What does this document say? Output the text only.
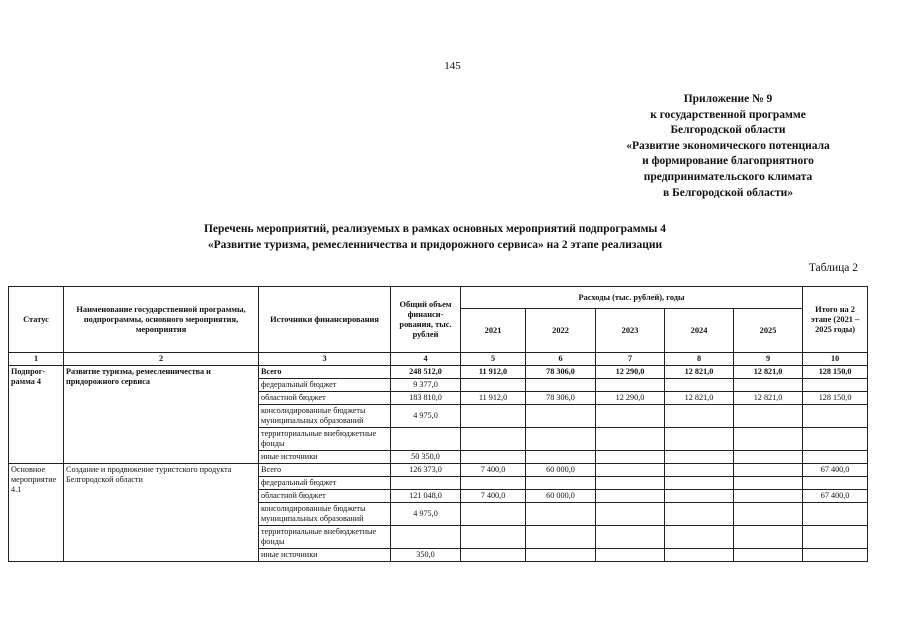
145
Приложение № 9
к государственной программе
Белгородской области
«Развитие экономического потенциала
и формирование благоприятного
предпринимательского климата
в Белгородской области»
Перечень мероприятий, реализуемых в рамках основных мероприятий подпрограммы 4
«Развитие туризма, ремесленничества и придорожного сервиса» на 2 этапе реализации
Таблица 2
Статус	Наименование государственной программы, подпрограммы, основного мероприятия, мероприятия	Источники финансирования	Общий объем финанси-рования, тыс. рублей	Расходы (тыс. рублей), годы					Итого на 2 этапе (2021 – 2025 годы)
				2021	2022	2023	2024	2025	
1	2	3	4	5	6	7	8	9	10
Подпрог-рамма 4	Развитие туризма, ремесленничества и придорожного сервиса	Всего	248 512,0	11 912,0	78 306,0	12 290,0	12 821,0	12 821,0	128 150,0
		федеральный бюджет	9 377,0						
		областной бюджет	183 810,0	11 912,0	78 306,0	12 290,0	12 821,0	12 821,0	128 150,0
		консолидированные бюджеты муниципальных образований	4 975,0						
		территориальные внебюджетные фонды							
		иные источники	50 350,0						
Основное мероприятие 4.1	Создание и продвижение туристского продукта Белгородской области	Всего	126 373,0	7 400,0	60 000,0				67 400,0
		федеральный бюджет							
		областной бюджет	121 048,0	7 400,0	60 000,0				67 400,0
		консолидированные бюджеты муниципальных образований	4 975,0						
		территориальные внебюджетные фонды							
		иные источники	350,0						
